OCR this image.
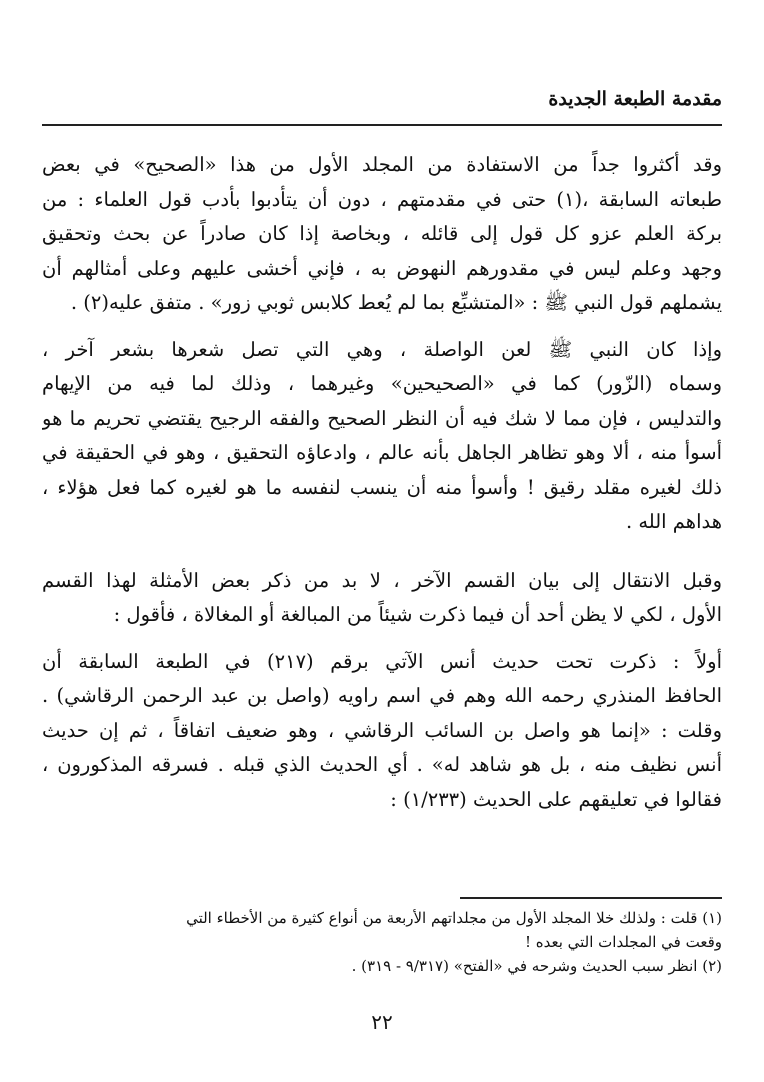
مقدمة الطبعة الجديدة

وقد أكثروا جداً من الاستفادة من المجلد الأول من هذا «الصحيح» في بعض
طبعاته السابقة ،(١) حتى في مقدمتهم ، دون أن يتأدبوا بأدب قول العلماء : من
بركة العلم عزو كل قول إلى قائله ، وبخاصة إذا كان صادراً عن بحث وتحقيق
وجهد وعلم ليس في مقدورهم النهوض به ، فإني أخشى عليهم وعلى أمثالهم أن
يشملهم قول النبي ﷺ : «المتشبِّع بما لم يُعط كلابس ثوبي زور» . متفق عليه(٢) .

وإذا كان النبي ﷺ لعن الواصلة ، وهي التي تصل شعرها بشعر آخر ،
وسماه (الزّور) كما في «الصحيحين» وغيرهما ، وذلك لما فيه من الإيهام
والتدليس ، فإن مما لا شك فيه أن النظر الصحيح والفقه الرجيح يقتضي تحريم ما هو
أسوأ منه ، ألا وهو تظاهر الجاهل بأنه عالم ، وادعاؤه التحقيق ، وهو في الحقيقة في
ذلك لغيره مقلد رقيق ! وأسوأ منه أن ينسب لنفسه ما هو لغيره كما فعل هؤلاء ،
هداهم الله .

وقبل الانتقال إلى بيان القسم الآخر ، لا بد من ذكر بعض الأمثلة لهذا القسم
الأول ، لكي لا يظن أحد أن فيما ذكرت شيئاً من المبالغة أو المغالاة ، فأقول :

أولاً : ذكرت تحت حديث أنس الآتي برقم (٢١٧) في الطبعة السابقة أن
الحافظ المنذري رحمه الله وهم في اسم راويه (واصل بن عبد الرحمن الرقاشي) .
وقلت : «إنما هو واصل بن السائب الرقاشي ، وهو ضعيف اتفاقاً ، ثم إن حديث
أنس نظيف منه ، بل هو شاهد له» . أي الحديث الذي قبله . فسرقه المذكورون ،
فقالوا في تعليقهم على الحديث (١/٢٣٣) :

(١) قلت : ولذلك خلا المجلد الأول من مجلداتهم الأربعة من أنواع كثيرة من الأخطاء التي

وقعت في المجلدات التي بعده !

(٢) انظر سبب الحديث وشرحه في «الفتح» (٩/٣١٧ - ٣١٩) .

٢٢
